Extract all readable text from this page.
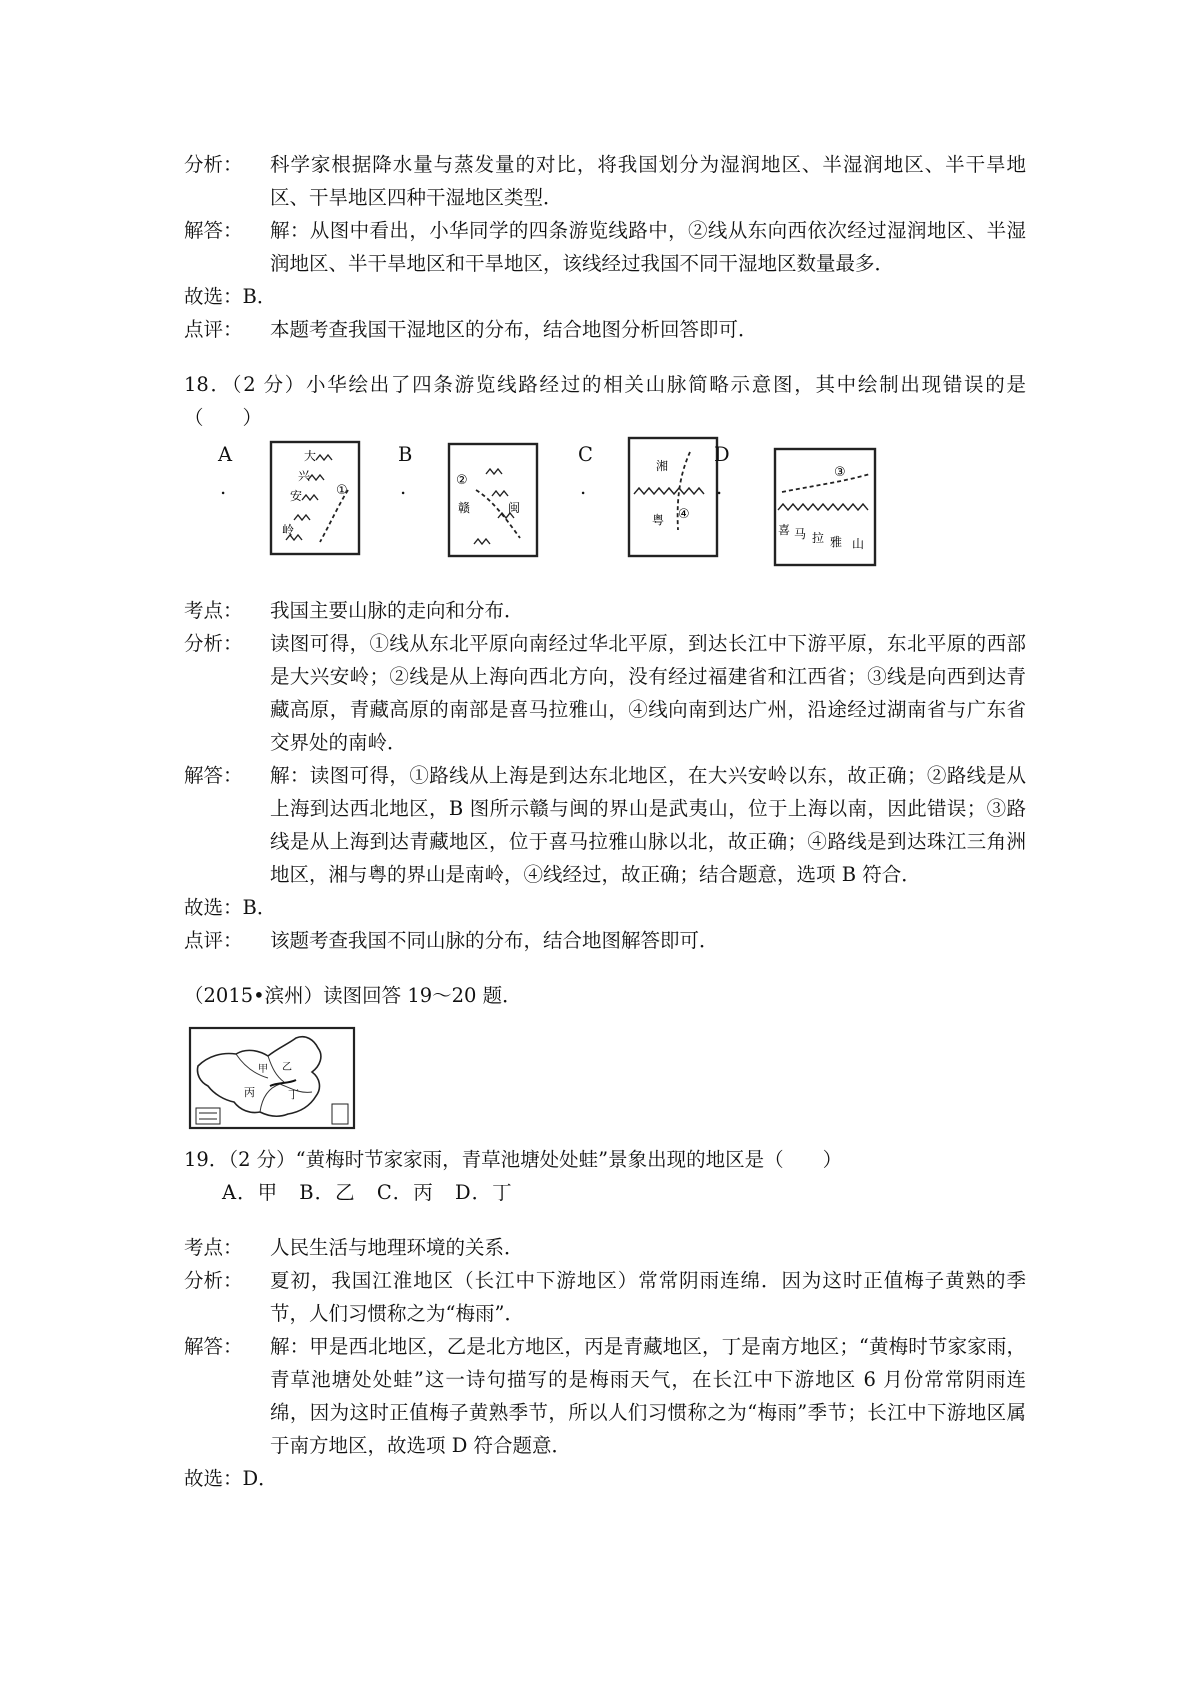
分析：	科学家根据降水量与蒸发量的对比，将我国划分为湿润地区、半湿润地区、半干旱地区、干旱地区四种干湿地区类型．
解答：	解：从图中看出，小华同学的四条游览线路中，②线从东向西依次经过湿润地区、半湿润地区、半干旱地区和干旱地区，该线经过我国不同干湿地区数量最多．
故选：B．
点评：	本题考查我国干湿地区的分布，结合地图分析回答即可．
18．（2 分）小华绘出了四条游览线路经过的相关山脉简略示意图，其中绘制出现错误的是（　　）
A
.
大
兴
安
岭
①
B
.	②
赣	闽
C
.
湘
粤 ④
D
.
③
喜 马 拉 雅 山
考点：	我国主要山脉的走向和分布．
分析：	读图可得，①线从东北平原向南经过华北平原，到达长江中下游平原，东北平原的西部是大兴安岭；②线是从上海向西北方向，没有经过福建省和江西省；③线是向西到达青藏高原，青藏高原的南部是喜马拉雅山，④线向南到达广州，沿途经过湖南省与广东省交界处的南岭．
解答：	解：读图可得，①路线从上海是到达东北地区，在大兴安岭以东，故正确；②路线是从上海到达西北地区，B 图所示赣与闽的界山是武夷山，位于上海以南，因此错误；③路线是从上海到达青藏地区，位于喜马拉雅山脉以北，故正确；④路线是到达珠江三角洲地区，湘与粤的界山是南岭，④线经过，故正确；结合题意，选项 B 符合．
故选：B．
点评：	该题考查我国不同山脉的分布，结合地图解答即可．
（2015•滨州）读图回答 19～20 题．
甲 乙
丙	丁
19．（2 分）“黄梅时节家家雨，青草池塘处处蛙”景象出现的地区是（　　）
A．甲 B．乙 C．丙 D．丁
考点：	人民生活与地理环境的关系．
分析：	夏初，我国江淮地区（长江中下游地区）常常阴雨连绵．因为这时正值梅子黄熟的季节，人们习惯称之为“梅雨”．
解答：	解：甲是西北地区，乙是北方地区，丙是青藏地区，丁是南方地区；“黄梅时节家家雨，青草池塘处处蛙”这一诗句描写的是梅雨天气，在长江中下游地区 6 月份常常阴雨连绵，因为这时正值梅子黄熟季节，所以人们习惯称之为“梅雨”季节；长江中下游地区属于南方地区，故选项 D 符合题意．
故选：D．
